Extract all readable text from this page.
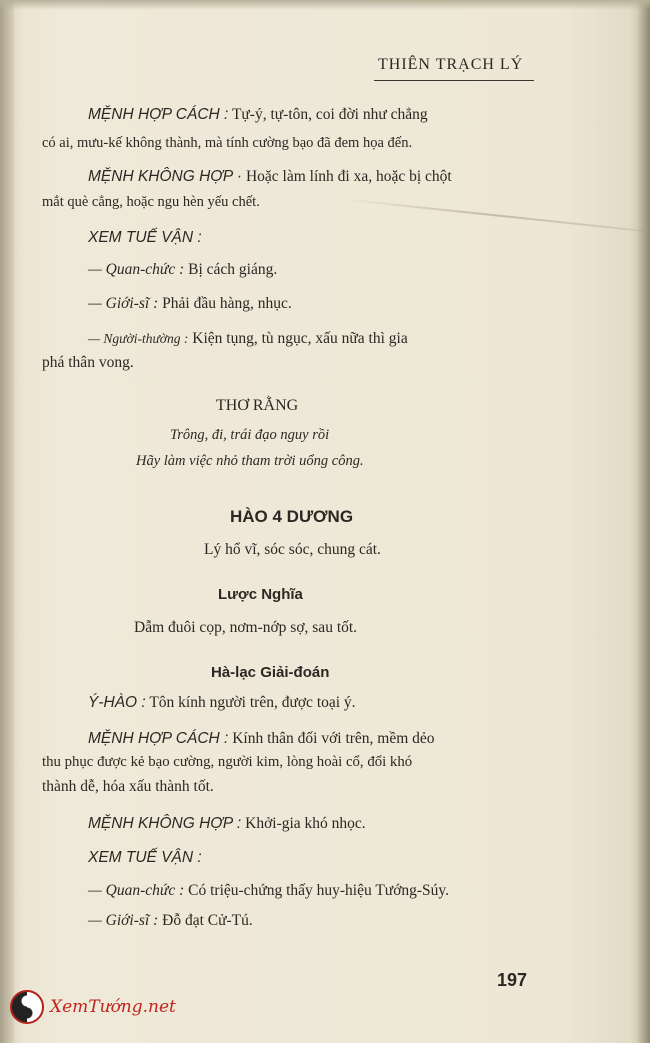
THIÊN TRẠCH LÝ
MỆNH HỢP CÁCH : Tự-ý, tự-tôn, coi đời như chẳng
có ai, mưu-kế không thành, mà tính cường bạo đã đem họa đến.
MỆNH KHÔNG HỢP · Hoặc làm lính đi xa, hoặc bị chột
mắt què cẳng, hoặc ngu hèn yếu chết.
XEM TUẾ VẬN :
— Quan-chức : Bị cách giáng.
— Giới-sĩ : Phải đầu hàng, nhục.
— Người-thường : Kiện tụng, tù ngục, xấu nữa thì gia
phá thân vong.
THƠ RẰNG
Trông, đi, trái đạo nguy rồi
Hãy làm việc nhỏ tham trời uổng công.
HÀO 4 DƯƠNG
Lý hổ vĩ, sóc sóc, chung cát.
Lược Nghĩa
Dẫm đuôi cọp, nơm-nớp sợ, sau tốt.
Hà-lạc Giải-đoán
Ý-HÀO : Tôn kính người trên, được toại ý.
MỆNH HỢP CÁCH : Kính thân đối với trên, mềm dẻo
thu phục được kẻ bạo cường, người kim, lòng hoài cổ, đổi khó
thành dễ, hóa xấu thành tốt.
MỆNH KHÔNG HỢP : Khởi-gia khó nhọc.
XEM TUẾ VẬN :
— Quan-chức : Có triệu-chứng thấy huy-hiệu Tướng-Súy.
— Giới-sĩ : Đỗ đạt Cử-Tú.
197
XemTướng.net
